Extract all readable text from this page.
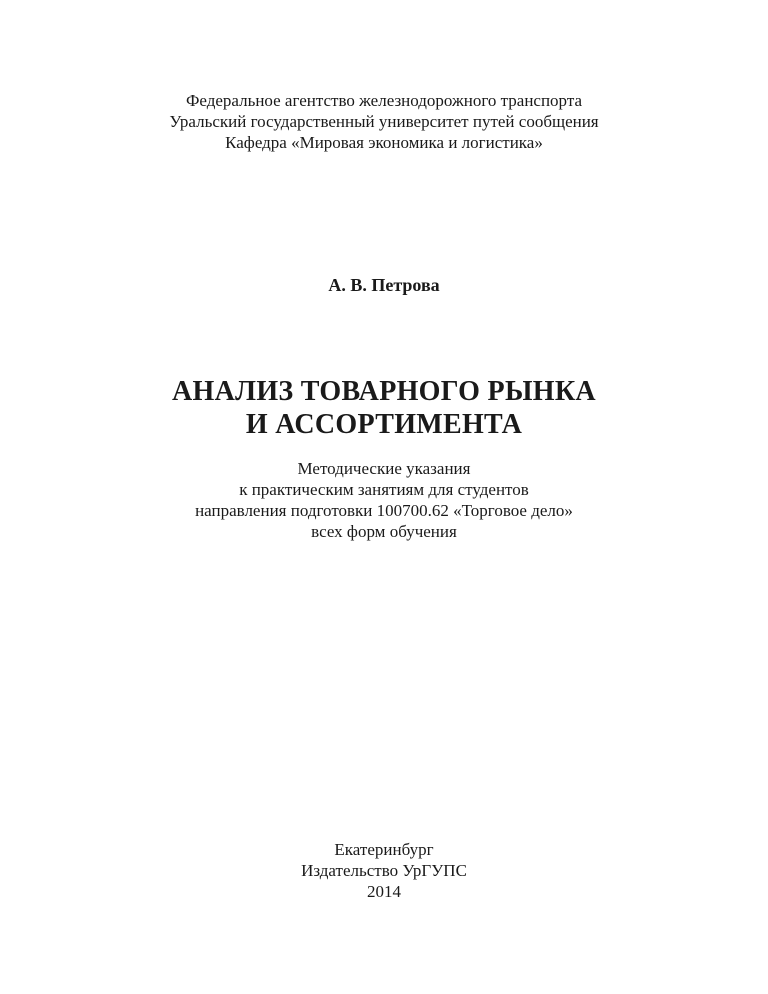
Федеральное агентство железнодорожного транспорта
Уральский государственный университет путей сообщения
Кафедра «Мировая экономика и логистика»
А. В. Петрова
АНАЛИЗ ТОВАРНОГО РЫНКА
И АССОРТИМЕНТА
Методические указания
к практическим занятиям для студентов
направления подготовки 100700.62 «Торговое дело»
всех форм обучения
Екатеринбург
Издательство УрГУПС
2014
